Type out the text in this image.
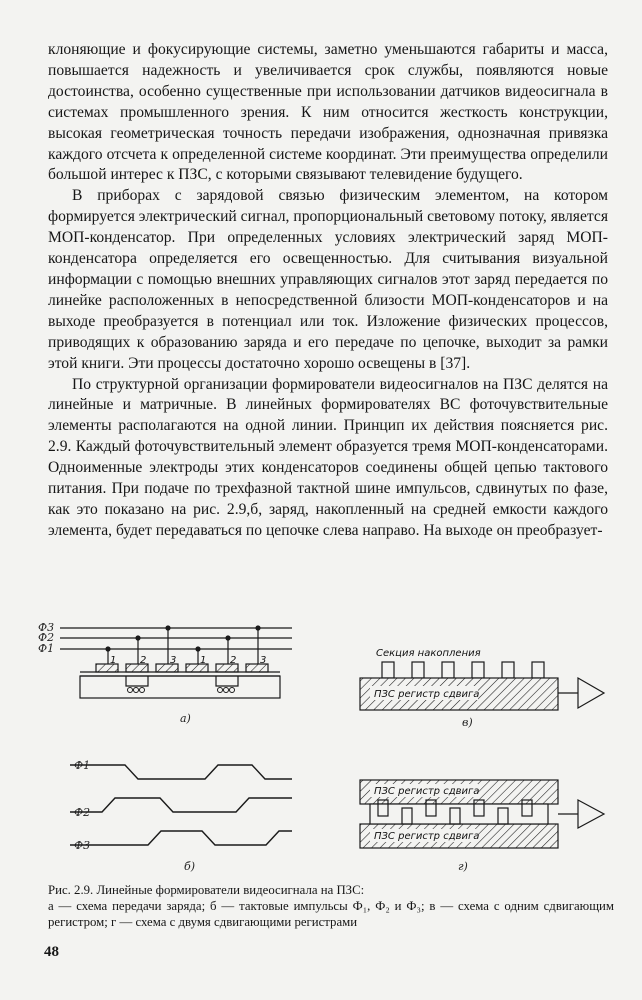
клоняющие и фокусирующие системы, заметно уменьшаются габариты и масса, повышается надежность и увеличивается срок службы, появляются новые достоинства, особенно существенные при использовании датчиков видеосигнала в системах промышленного зрения. К ним относится жесткость конструкции, высокая геометрическая точность передачи изображения, однозначная привязка каждого отсчета к определенной системе координат. Эти преимущества определили большой интерес к ПЗС, с которыми связывают телевидение будущего.

В приборах с зарядовой связью физическим элементом, на котором формируется электрический сигнал, пропорциональный световому потоку, является МОП-конденсатор. При определенных условиях электрический заряд МОП-конденсатора определяется его освещенностью. Для считывания визуальной информации с помощью внешних управляющих сигналов этот заряд передается по линейке расположенных в непосредственной близости МОП-конденсаторов и на выходе преобразуется в потенциал или ток. Изложение физических процессов, приводящих к образованию заряда и его передаче по цепочке, выходит за рамки этой книги. Эти процессы достаточно хорошо освещены в [37].

По структурной организации формирователи видеосигналов на ПЗС делятся на линейные и матричные. В линейных формирователях ВС фоточувствительные элементы располагаются на одной линии. Принцип их действия поясняется рис. 2.9. Каждый фоточувствительный элемент образуется тремя МОП-конденсаторами. Одноименные электроды этих конденсаторов соединены общей цепью тактового питания. При подаче по трехфазной тактной шине импульсов, сдвинутых по фазе, как это показано на рис. 2.9,б, заряд, накопленный на средней емкости каждого элемента, будет передаваться по цепочке слева направо. На выходе он преобразует-

Ф3
Ф2
Ф1
1 2 3 1 2 3
а)
Ф1
Ф2
Ф3
б)
Секция накопления
ПЗС регистр сдвига
в)
ПЗС регистр сдвига
ПЗС регистр сдвига
г)
Рис. 2.9. Линейные формирователи видеосигнала на ПЗС:
а — схема передачи заряда; б — тактовые импульсы Ф₁, Ф₂ и Ф₃; в — схема с одним сдвигающим регистром; г — схема с двумя сдвигающими регистрами
48
